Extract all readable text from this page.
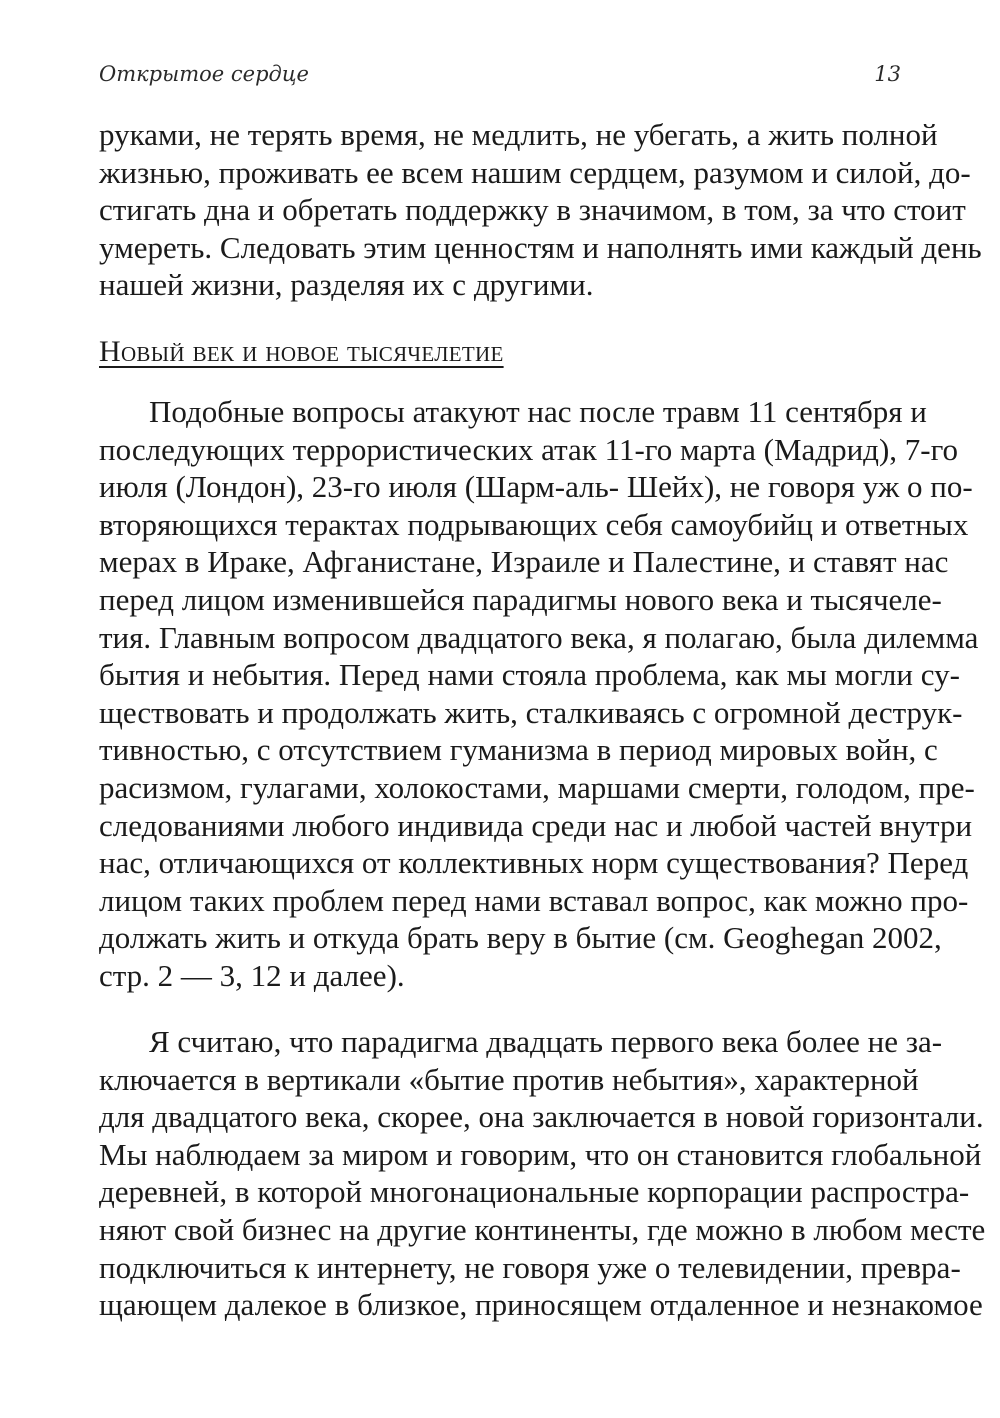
Открытое сердце	13
руками, не терять время, не медлить, не убегать, а жить полной
жизнью, проживать ее всем нашим сердцем, разумом и силой, до-
стигать дна и обретать поддержку в значимом, в том, за что стоит
умереть. Следовать этим ценностям и наполнять ими каждый день
нашей жизни, разделяя их с другими.
Новый век и новое тысячелетие
Подобные вопросы атакуют нас после травм 11 сентября и
последующих террористических атак 11-го марта (Мадрид), 7-го
июля (Лондон), 23-го июля (Шарм-аль- Шейх), не говоря уж о по-
вторяющихся терактах подрывающих себя самоубийц и ответных
мерах в Ираке, Афганистане, Израиле и Палестине, и ставят нас
перед лицом изменившейся парадигмы нового века и тысячеле-
тия. Главным вопросом двадцатого века, я полагаю, была дилемма
бытия и небытия. Перед нами стояла проблема, как мы могли су-
ществовать и продолжать жить, сталкиваясь с огромной деструк-
тивностью, с отсутствием гуманизма в период мировых войн, с
расизмом, гулагами, холокостами, маршами смерти, голодом, пре-
следованиями любого индивида среди нас и любой частей внутри
нас, отличающихся от коллективных норм существования? Перед
лицом таких проблем перед нами вставал вопрос, как можно про-
должать жить и откуда брать веру в бытие (см. Geoghegan 2002,
стр. 2 — 3, 12 и далее).
Я считаю, что парадигма двадцать первого века более не за-
ключается в вертикали «бытие против небытия», характерной
для двадцатого века, скорее, она заключается в новой горизонтали.
Мы наблюдаем за миром и говорим, что он становится глобальной
деревней, в которой многонациональные корпорации распростра-
няют свой бизнес на другие континенты, где можно в любом месте
подключиться к интернету, не говоря уже о телевидении, превра-
щающем далекое в близкое, приносящем отдаленное и незнакомое
